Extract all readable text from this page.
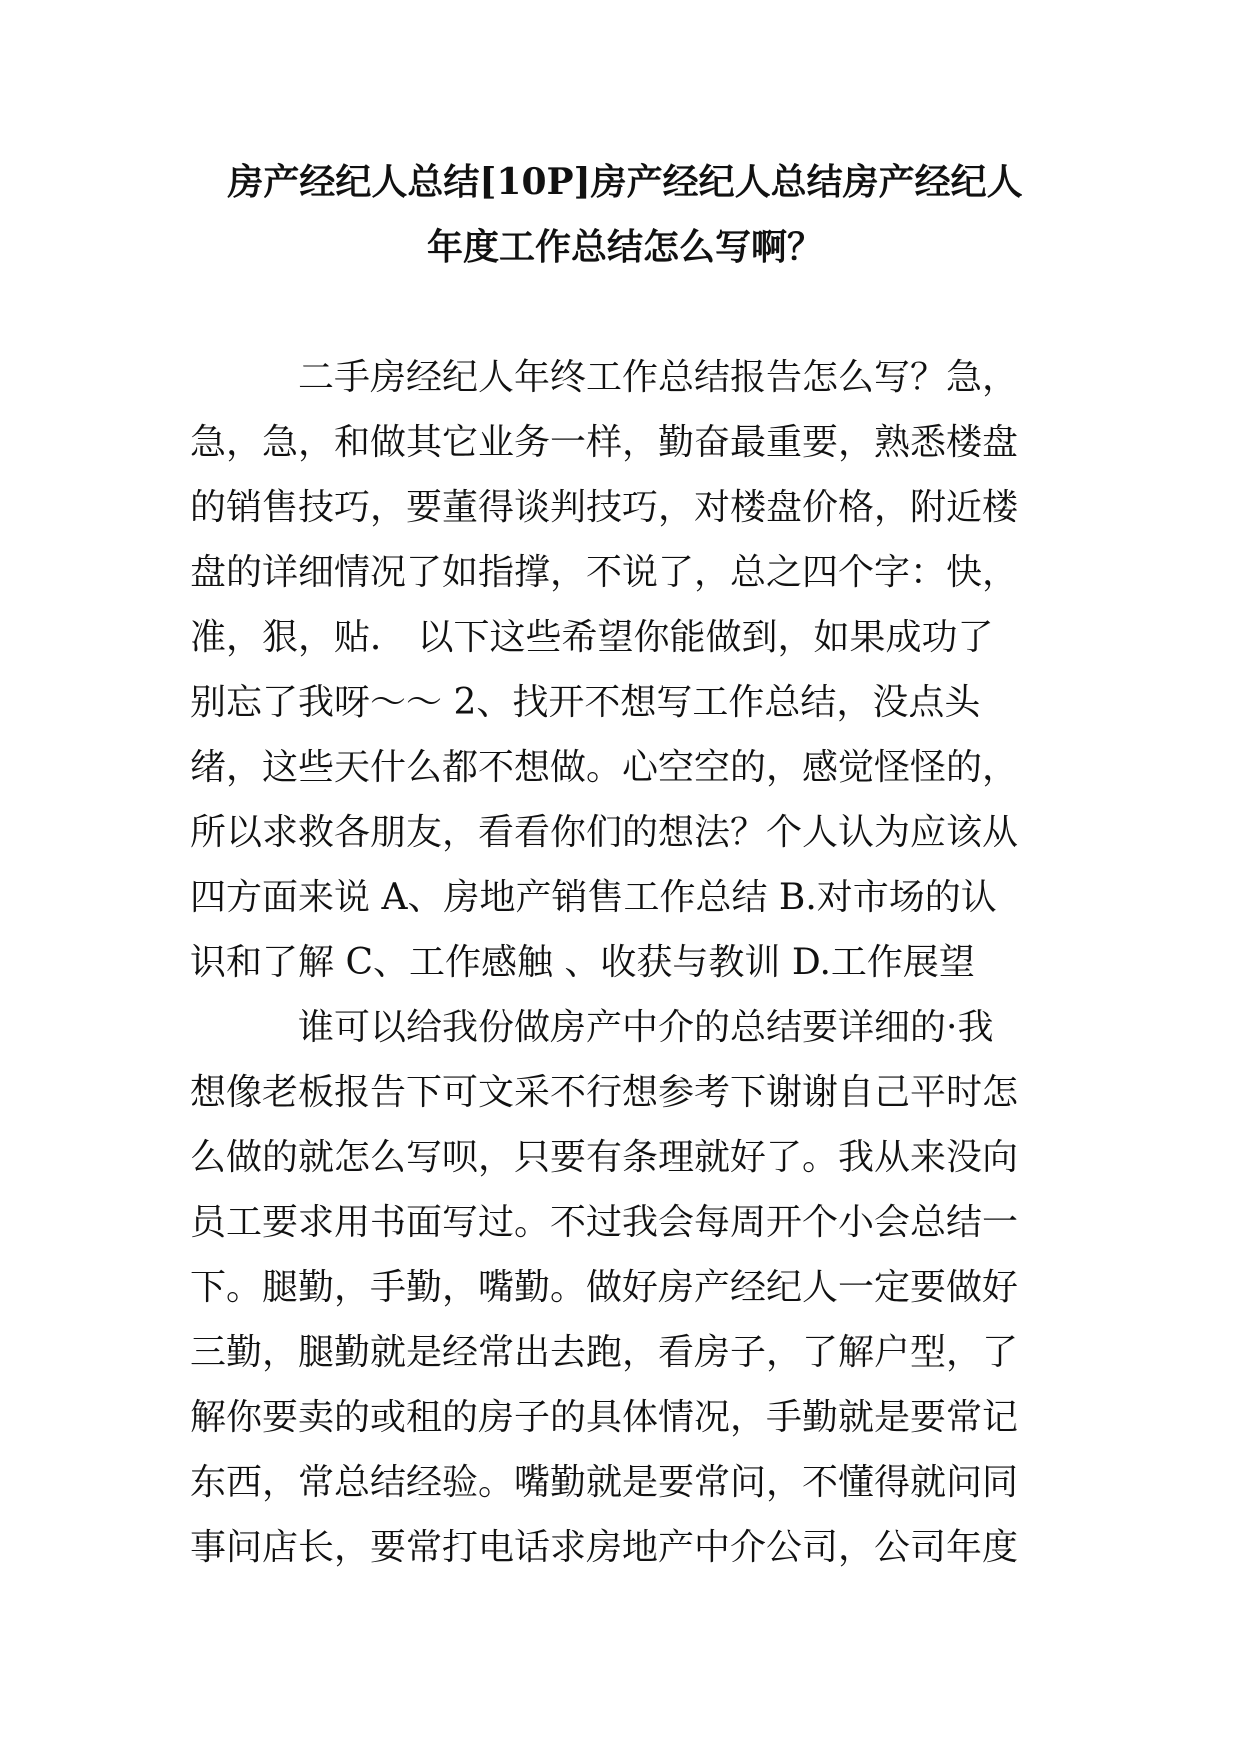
房产经纪人总结[10P]房产经纪人总结房产经纪人
年度工作总结怎么写啊？

二手房经纪人年终工作总结报告怎么写？急，
急，急，和做其它业务一样，勤奋最重要，熟悉楼盘
的销售技巧，要董得谈判技巧，对楼盘价格，附近楼
盘的详细情况了如指撑，不说了，总之四个字：快，
准，狠，贴． 以下这些希望你能做到，如果成功了
别忘了我呀～～ 2、找开不想写工作总结，没点头
绪，这些天什么都不想做。心空空的，感觉怪怪的，
所以求救各朋友，看看你们的想法？个人认为应该从
四方面来说 A、房地产销售工作总结 B.对市场的认
识和了解 C、工作感触 、收获与教训 D.工作展望

谁可以给我份做房产中介的总结要详细的·我
想像老板报告下可文采不行想参考下谢谢自己平时怎
么做的就怎么写呗，只要有条理就好了。我从来没向
员工要求用书面写过。不过我会每周开个小会总结一
下。腿勤，手勤，嘴勤。做好房产经纪人一定要做好
三勤，腿勤就是经常出去跑，看房子，了解户型，了
解你要卖的或租的房子的具体情况，手勤就是要常记
东西，常总结经验。嘴勤就是要常问，不懂得就问同
事问店长，要常打电话求房地产中介公司，公司年度
